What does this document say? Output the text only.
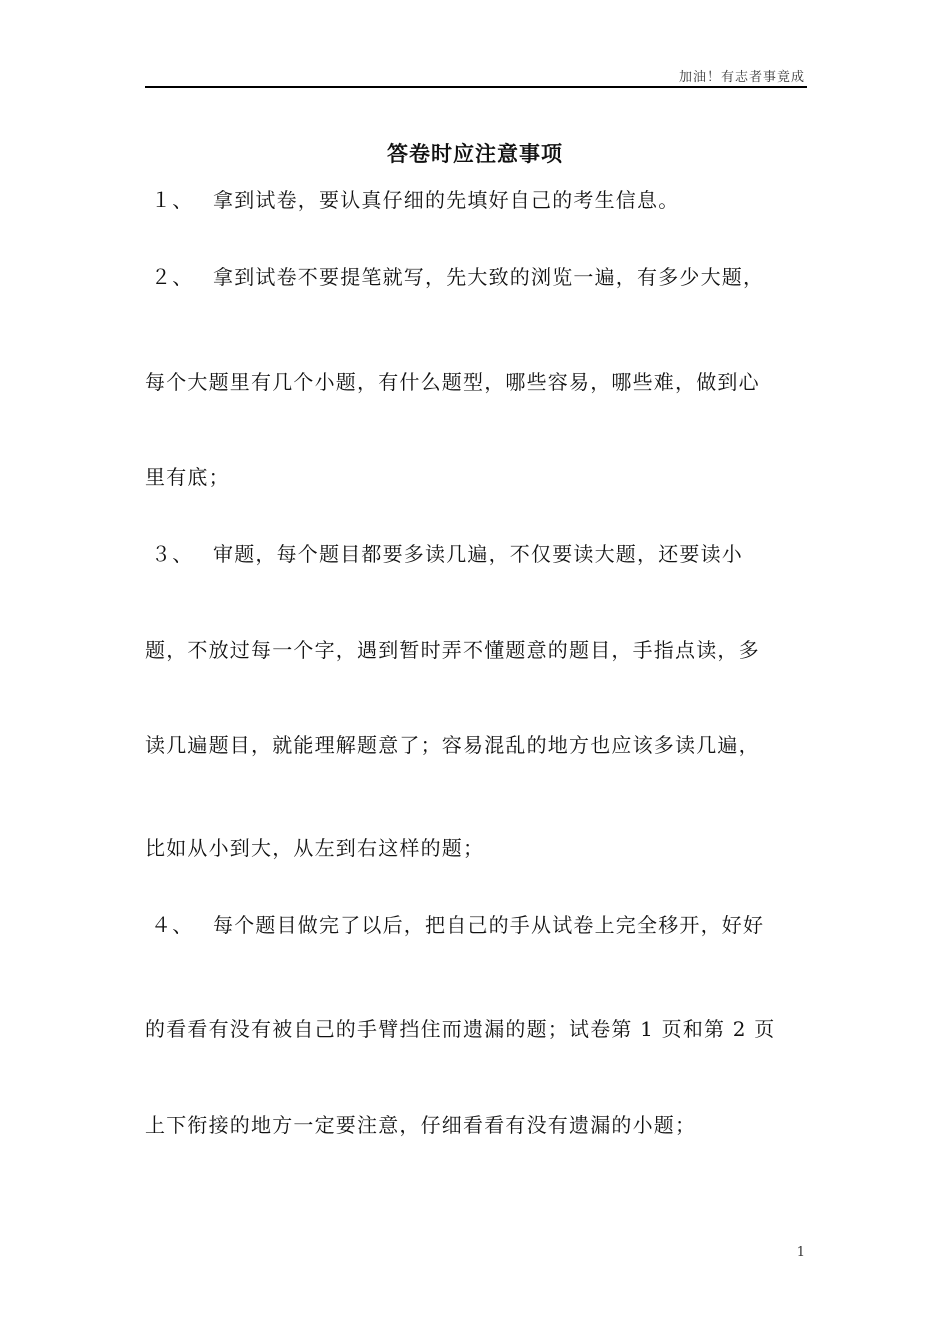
加油！有志者事竟成
答卷时应注意事项
１、 拿到试卷，要认真仔细的先填好自己的考生信息。
２、 拿到试卷不要提笔就写，先大致的浏览一遍，有多少大题，
每个大题里有几个小题，有什么题型，哪些容易，哪些难，做到心
里有底；
３、 审题，每个题目都要多读几遍，不仅要读大题，还要读小
题，不放过每一个字，遇到暂时弄不懂题意的题目，手指点读，多
读几遍题目，就能理解题意了；容易混乱的地方也应该多读几遍，
比如从小到大，从左到右这样的题；
４、 每个题目做完了以后，把自己的手从试卷上完全移开，好好
的看看有没有被自己的手臂挡住而遗漏的题；试卷第 1 页和第 2 页
上下衔接的地方一定要注意，仔细看看有没有遗漏的小题；
1
